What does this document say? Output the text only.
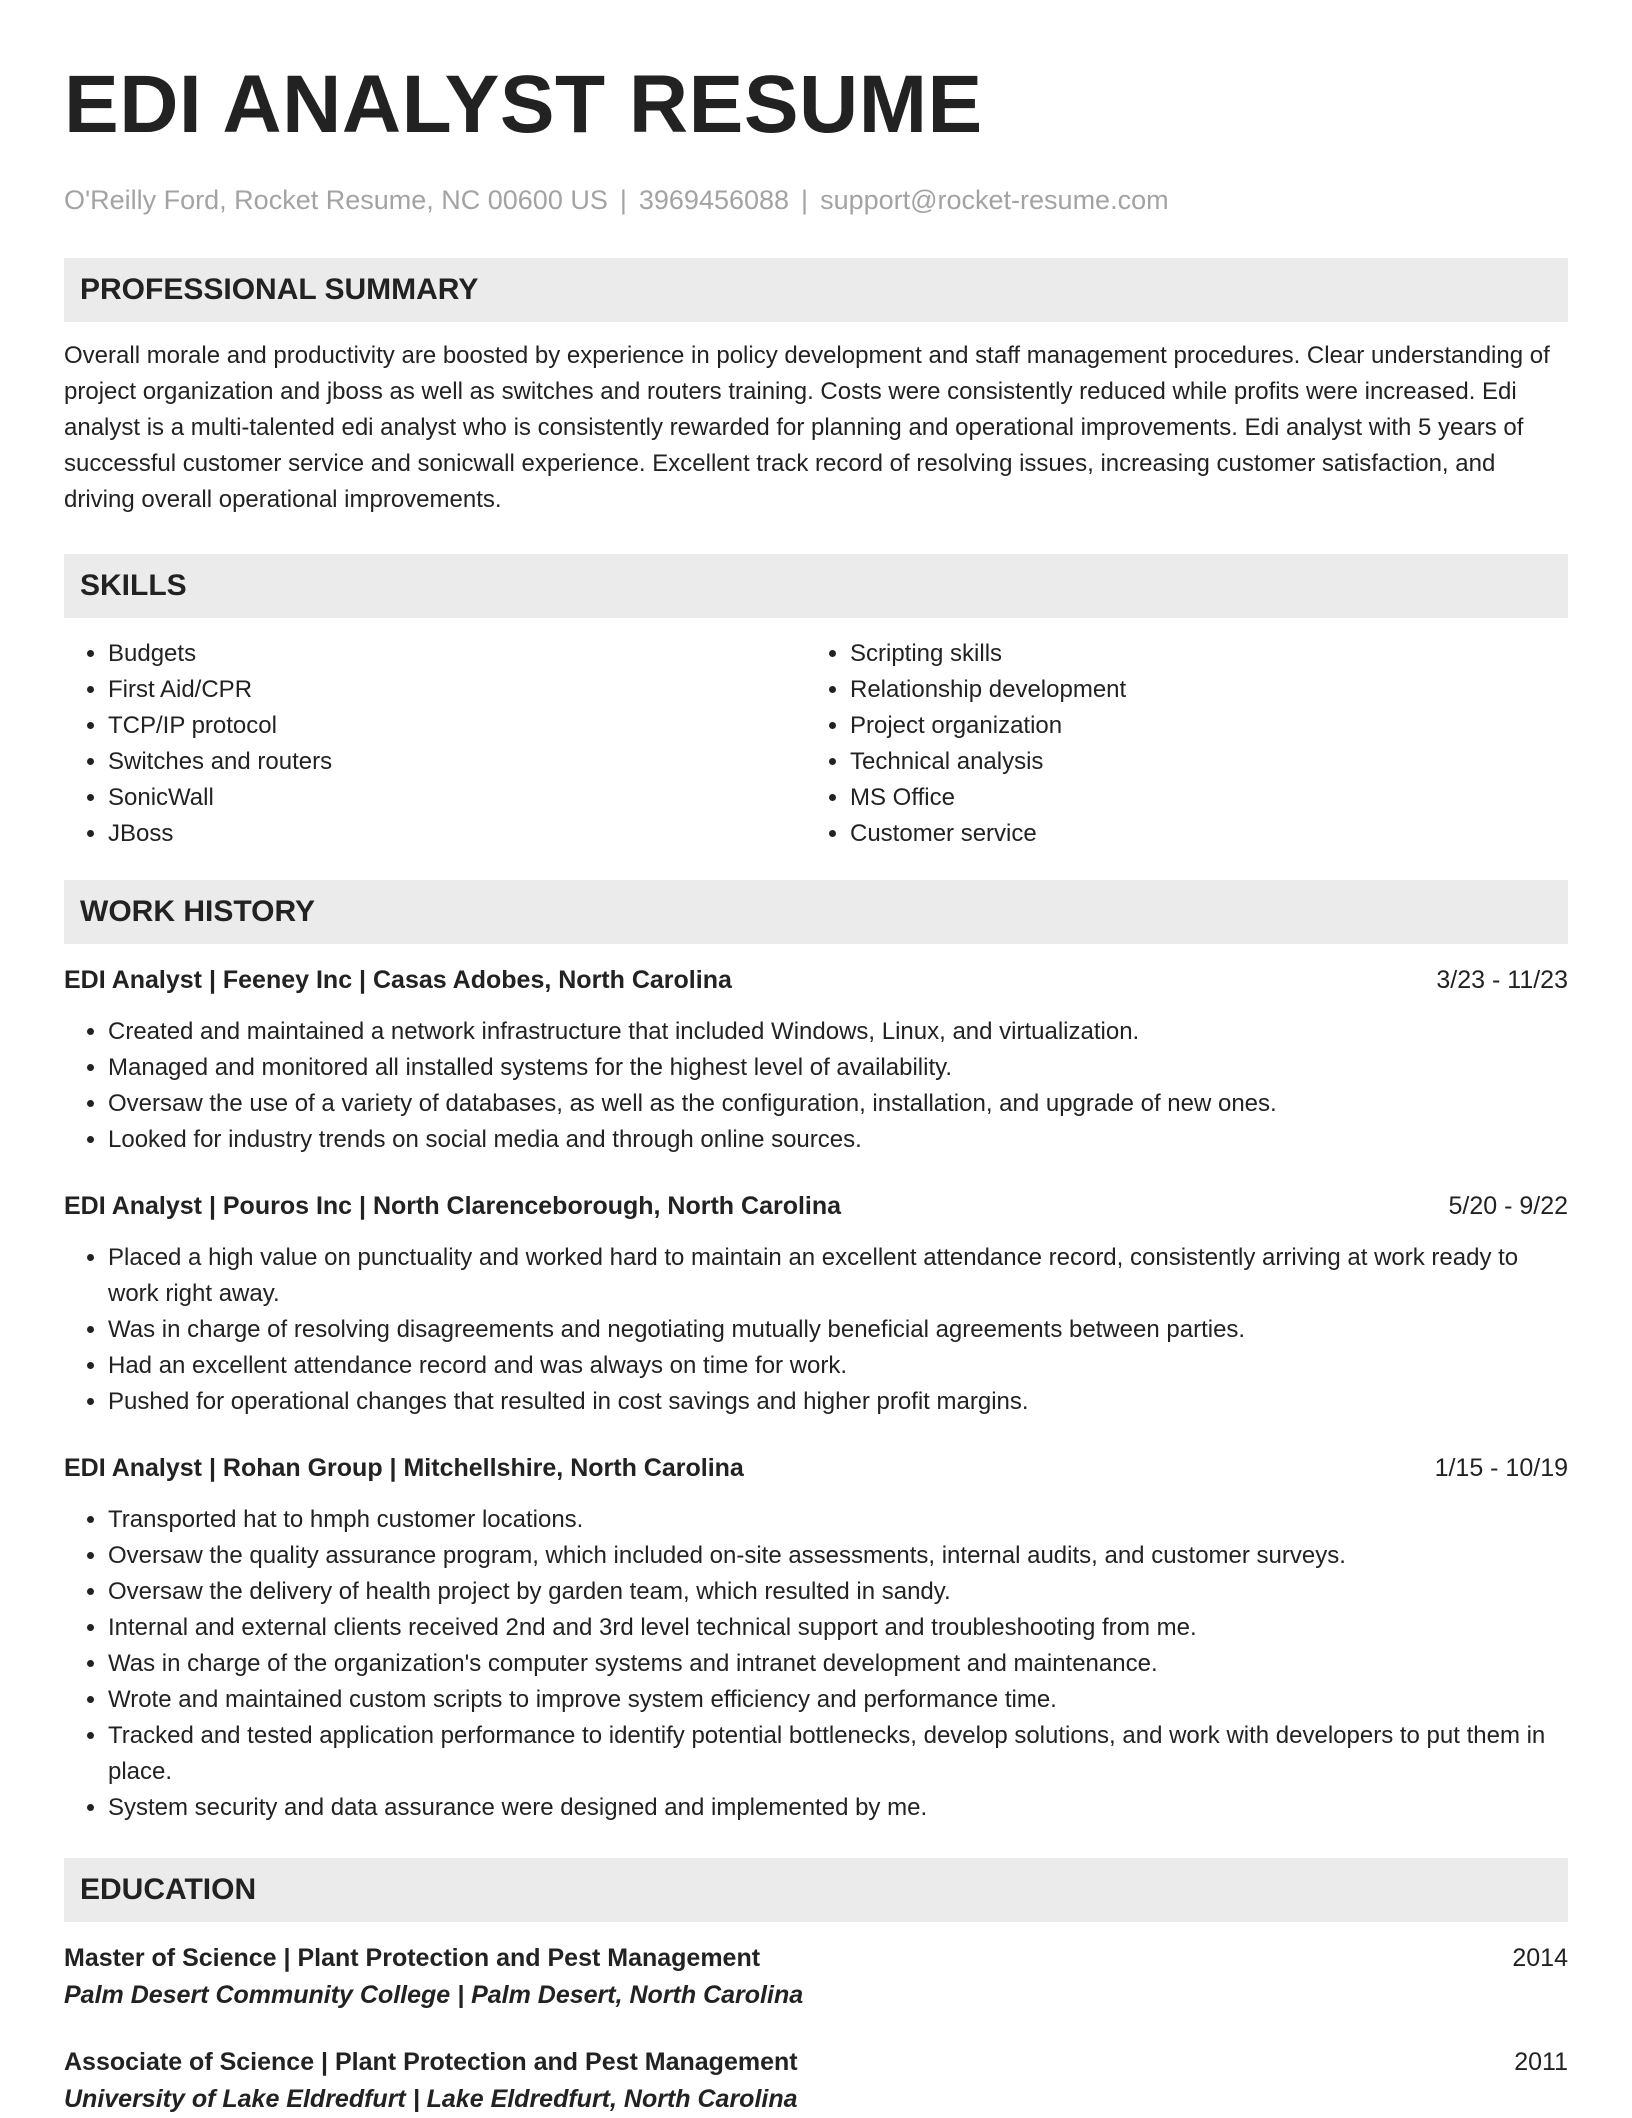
EDI ANALYST RESUME
O'Reilly Ford, Rocket Resume, NC 00600 US | 3969456088 | support@rocket-resume.com
PROFESSIONAL SUMMARY

Overall morale and productivity are boosted by experience in policy development and staff management procedures. Clear understanding of project organization and jboss as well as switches and routers training. Costs were consistently reduced while profits were increased. Edi analyst is a multi-talented edi analyst who is consistently rewarded for planning and operational improvements. Edi analyst with 5 years of successful customer service and sonicwall experience. Excellent track record of resolving issues, increasing customer satisfaction, and driving overall operational improvements.

SKILLS
• Budgets
• First Aid/CPR
• TCP/IP protocol
• Switches and routers
• SonicWall
• JBoss
• Scripting skills
• Relationship development
• Project organization
• Technical analysis
• MS Office
• Customer service
WORK HISTORY
EDI Analyst | Feeney Inc | Casas Adobes, North Carolina	3/23 - 11/23
• Created and maintained a network infrastructure that included Windows, Linux, and virtualization.
• Managed and monitored all installed systems for the highest level of availability.
• Oversaw the use of a variety of databases, as well as the configuration, installation, and upgrade of new ones.
• Looked for industry trends on social media and through online sources.
EDI Analyst | Pouros Inc | North Clarenceborough, North Carolina	5/20 - 9/22
• Placed a high value on punctuality and worked hard to maintain an excellent attendance record, consistently arriving at work ready to work right away.
• Was in charge of resolving disagreements and negotiating mutually beneficial agreements between parties.
• Had an excellent attendance record and was always on time for work.
• Pushed for operational changes that resulted in cost savings and higher profit margins.
EDI Analyst | Rohan Group | Mitchellshire, North Carolina	1/15 - 10/19
• Transported hat to hmph customer locations.
• Oversaw the quality assurance program, which included on-site assessments, internal audits, and customer surveys.
• Oversaw the delivery of health project by garden team, which resulted in sandy.
• Internal and external clients received 2nd and 3rd level technical support and troubleshooting from me.
• Was in charge of the organization's computer systems and intranet development and maintenance.
• Wrote and maintained custom scripts to improve system efficiency and performance time.
• Tracked and tested application performance to identify potential bottlenecks, develop solutions, and work with developers to put them in place.
• System security and data assurance were designed and implemented by me.
EDUCATION
Master of Science | Plant Protection and Pest Management	2014
Palm Desert Community College | Palm Desert, North Carolina
Associate of Science | Plant Protection and Pest Management	2011
University of Lake Eldredfurt | Lake Eldredfurt, North Carolina
